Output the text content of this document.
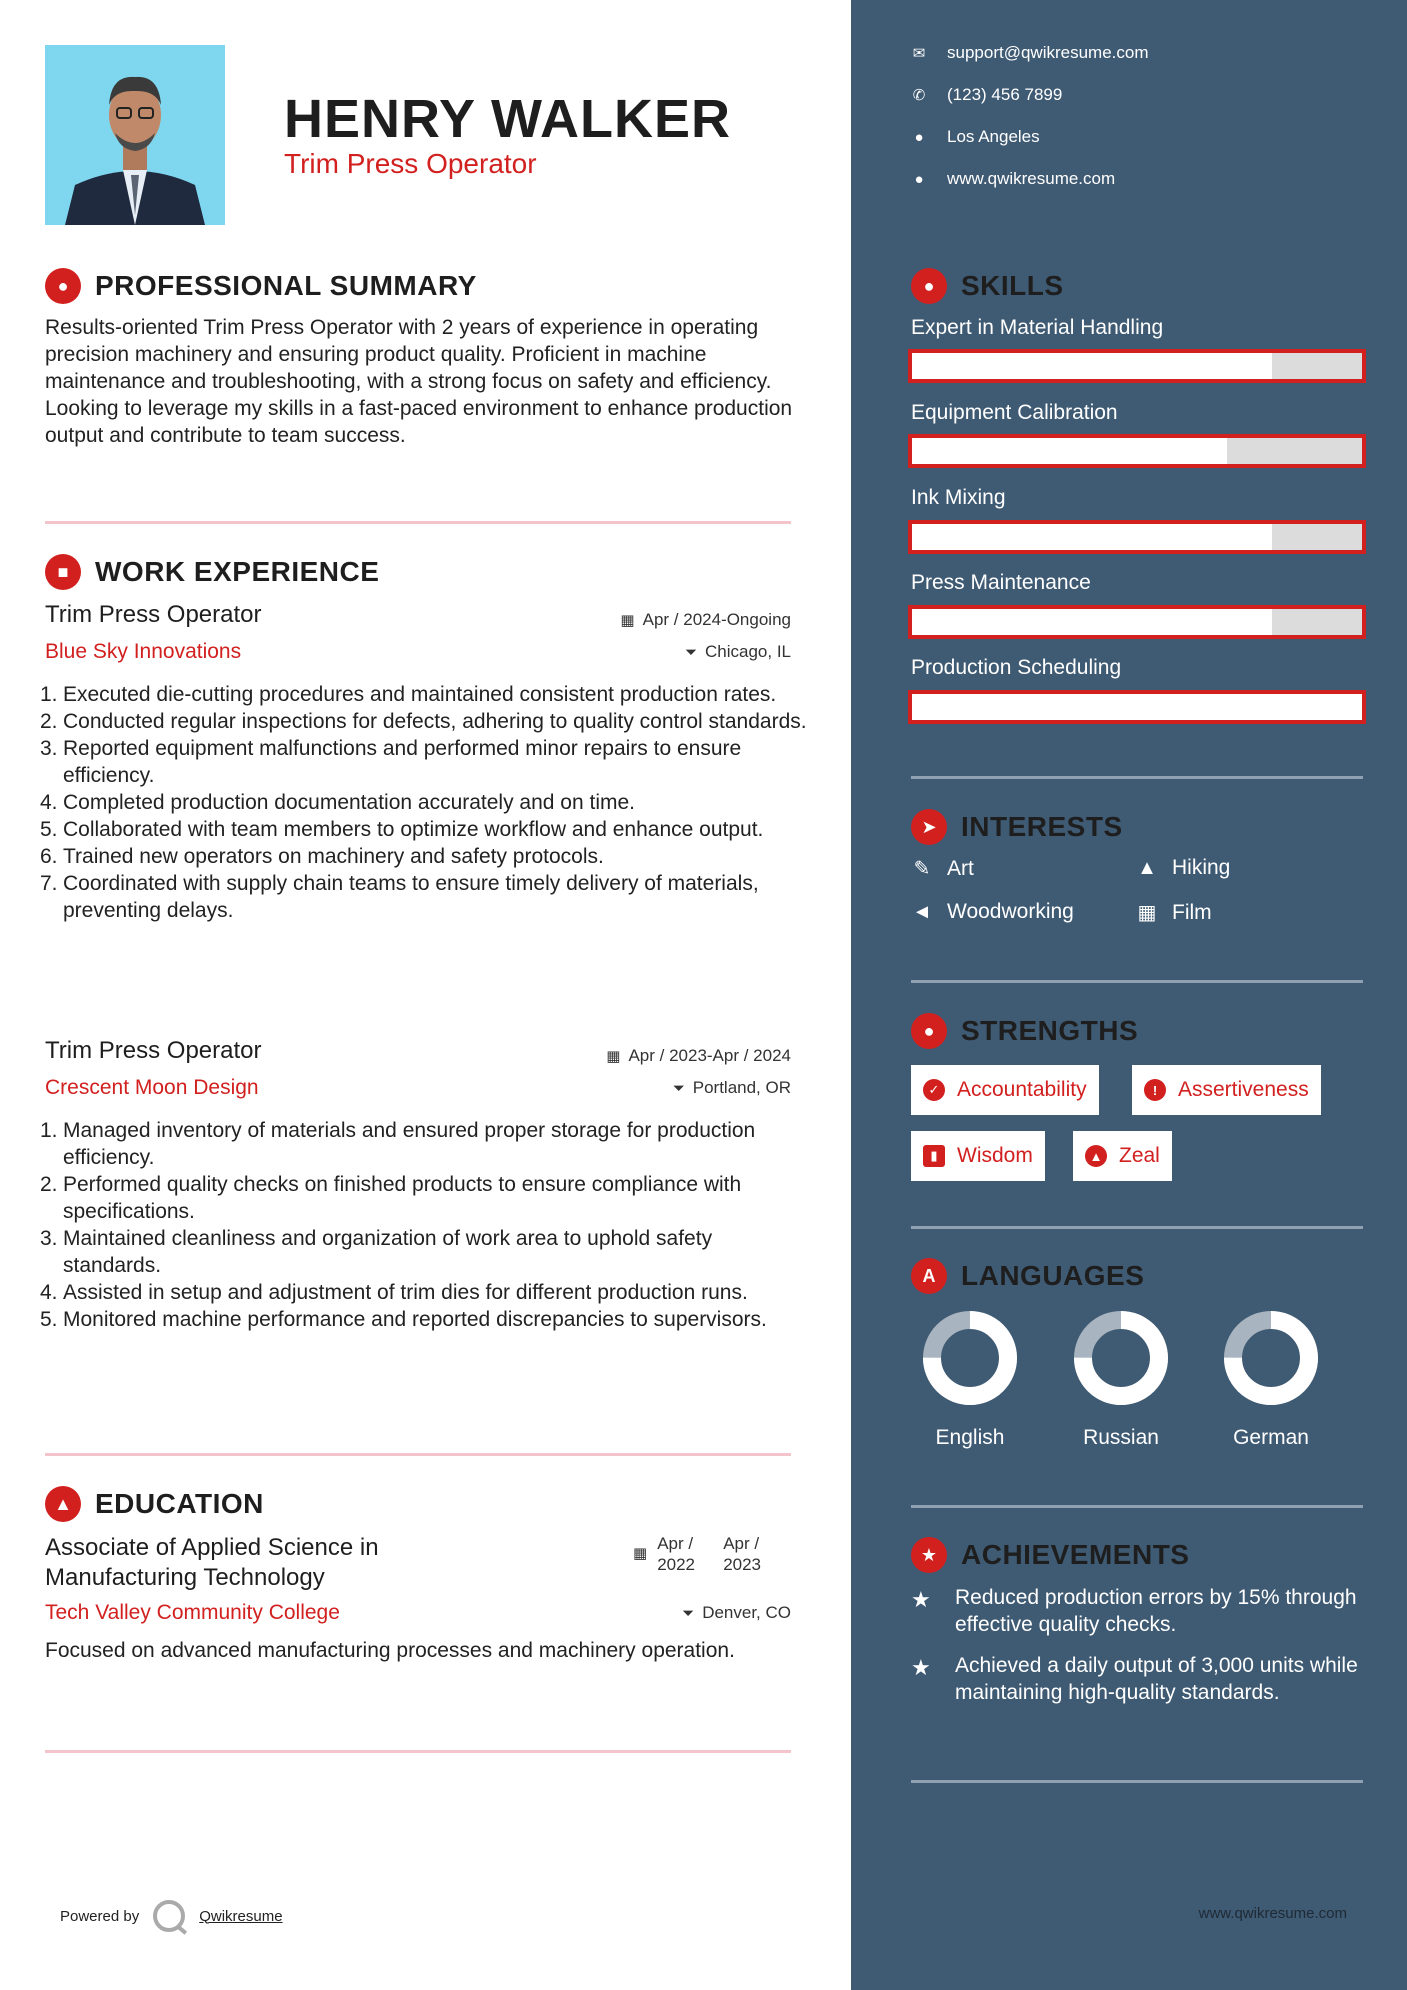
HENRY WALKER
Trim Press Operator
● PROFESSIONAL SUMMARY
Results-oriented Trim Press Operator with 2 years of experience in operating precision machinery and ensuring product quality. Proficient in machine maintenance and troubleshooting, with a strong focus on safety and efficiency. Looking to leverage my skills in a fast-paced environment to enhance production output and contribute to team success.
■ WORK EXPERIENCE
Trim Press Operator	▦ Apr / 2024-Ongoing
Blue Sky Innovations	⏷ Chicago, IL
1. Executed die-cutting procedures and maintained consistent production rates.
2. Conducted regular inspections for defects, adhering to quality control standards.
3. Reported equipment malfunctions and performed minor repairs to ensure efficiency.
4. Completed production documentation accurately and on time.
5. Collaborated with team members to optimize workflow and enhance output.
6. Trained new operators on machinery and safety protocols.
7. Coordinated with supply chain teams to ensure timely delivery of materials, preventing delays.
Trim Press Operator	▦ Apr / 2023-Apr / 2024
Crescent Moon Design	⏷ Portland, OR
1. Managed inventory of materials and ensured proper storage for production efficiency.
2. Performed quality checks on finished products to ensure compliance with specifications.
3. Maintained cleanliness and organization of work area to uphold safety standards.
4. Assisted in setup and adjustment of trim dies for different production runs.
5. Monitored machine performance and reported discrepancies to supervisors.
▲ EDUCATION
Associate of Applied Science in Manufacturing Technology
▦
Apr / 2022
Apr / 2023
Tech Valley Community College	⏷ Denver, CO
Focused on advanced manufacturing processes and machinery operation.
Powered by	Qwikresume
✉ support@qwikresume.com
✆ (123) 456 7899
● Los Angeles
● www.qwikresume.com
● SKILLS
Expert in Material Handling
Equipment Calibration
Ink Mixing
Press Maintenance
Production Scheduling
➤ INTERESTS
✎ Art	▲ Hiking
◄ Woodworking	▦ Film
● STRENGTHS
✓ Accountability	! Assertiveness
▮ Wisdom	▲ Zeal
A LANGUAGES
English	Russian	German
★ ACHIEVEMENTS
★	Reduced production errors by 15% through effective quality checks.
★	Achieved a daily output of 3,000 units while maintaining high-quality standards.
www.qwikresume.com
